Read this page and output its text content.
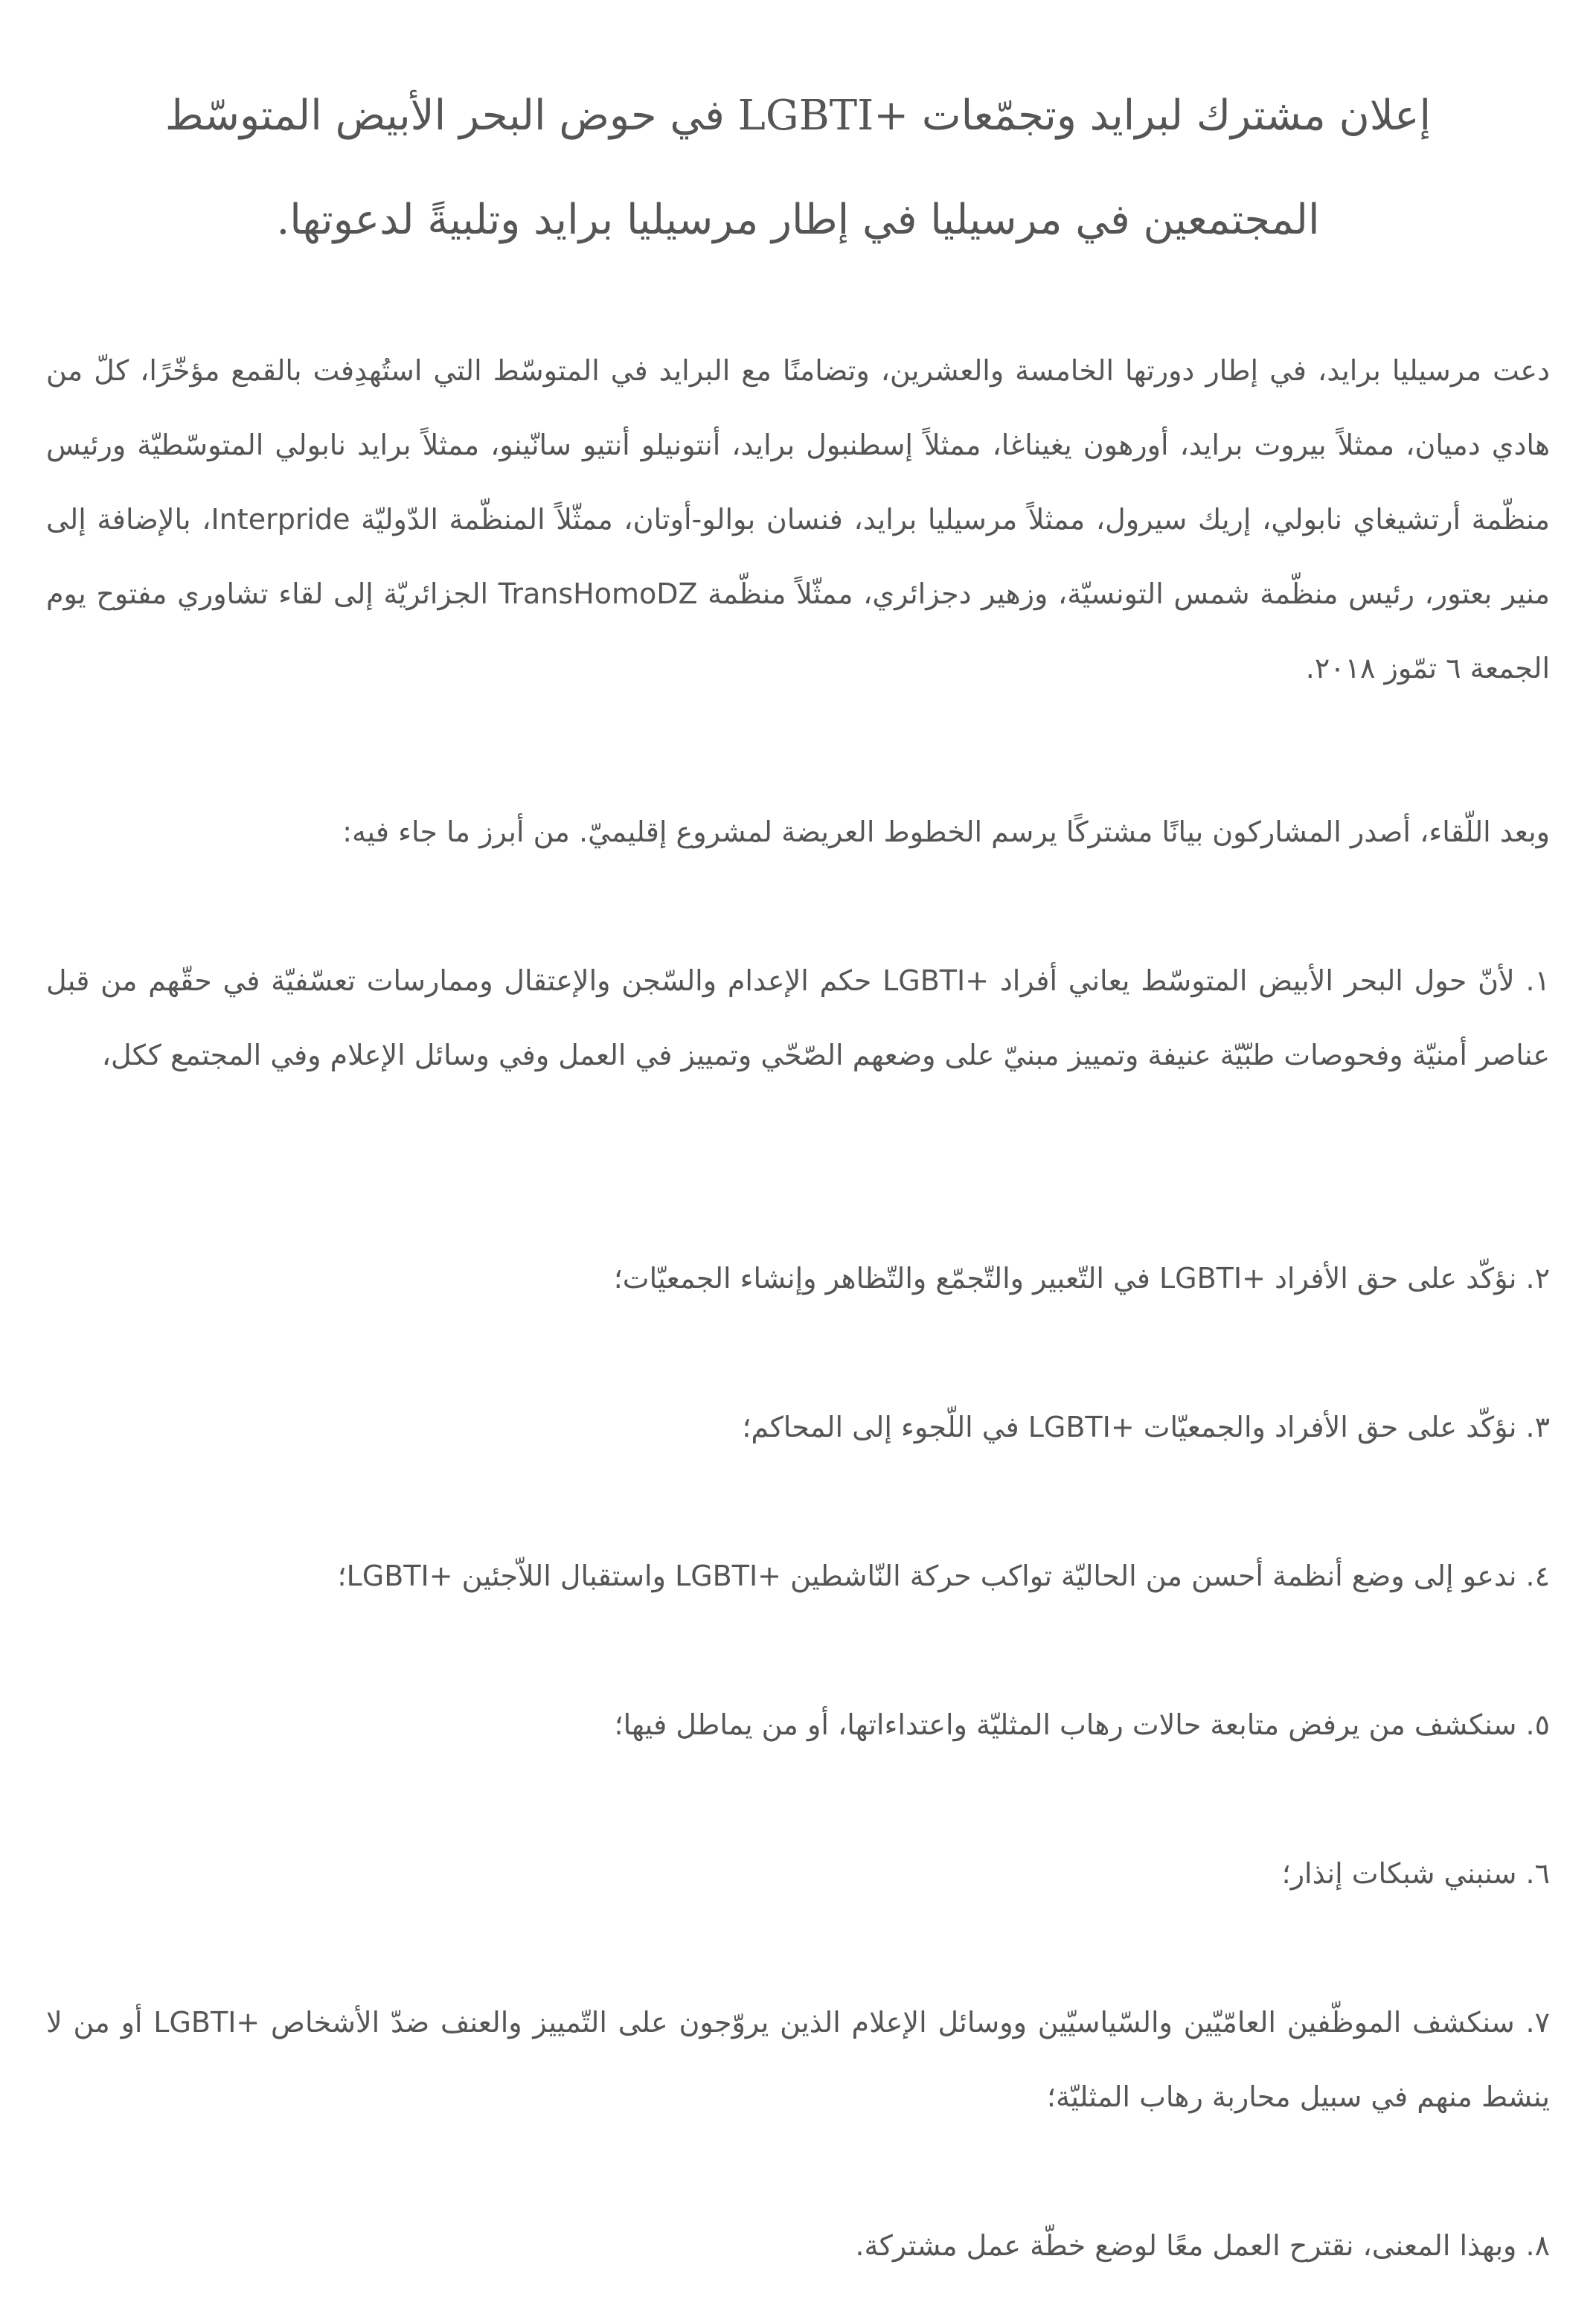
إعلان مشترك لبرايد وتجمّعات +LGBTI في حوض البحر الأبيض المتوسّط المجتمعين في مرسيليا في إطار مرسيليا برايد وتلبيةً لدعوتها.

دعت مرسيليا برايد، في إطار دورتها الخامسة والعشرين، وتضامنًا مع البرايد في المتوسّط التي استُهدِفت بالقمع مؤخّرًا، كلّ من هادي دميان، ممثلاً بيروت برايد، أورهون يغيناغا، ممثلاً إسطنبول برايد، أنتونيلو أنتيو سانّينو، ممثلاً برايد نابولي المتوسّطيّة ورئيس منظّمة أرتشيغاي نابولي، إريك سيرول، ممثلاً مرسيليا برايد، فنسان بوالو-أوتان، ممثّلاً المنظّمة الدّوليّة Interpride، بالإضافة إلى منير بعتور، رئيس منظّمة شمس التونسيّة، وزهير دجزائري، ممثّلاً منظّمة TransHomoDZ الجزائريّة إلى لقاء تشاوري مفتوح يوم الجمعة ٦ تمّوز ٢٠١٨.

وبعد اللّقاء، أصدر المشاركون بيانًا مشتركًا يرسم الخطوط العريضة لمشروع إقليميّ. من أبرز ما جاء فيه:

١. لأنّ حول البحر الأبيض المتوسّط يعاني أفراد +LGBTI حكم الإعدام والسّجن والإعتقال وممارسات تعسّفيّة في حقّهم من قبل عناصر أمنيّة وفحوصات طبّيّة عنيفة وتمييز مبنيّ على وضعهم الصّحّي وتمييز في العمل وفي وسائل الإعلام وفي المجتمع ككل،

٢. نؤكّد على حق الأفراد +LGBTI في التّعبير والتّجمّع والتّظاهر وإنشاء الجمعيّات؛

٣. نؤكّد على حق الأفراد والجمعيّات +LGBTI في اللّجوء إلى المحاكم؛

٤. ندعو إلى وضع أنظمة أحسن من الحاليّة تواكب حركة النّاشطين +LGBTI واستقبال اللاّجئين +LGBTI؛

٥. سنكشف من يرفض متابعة حالات رهاب المثليّة واعتداءاتها، أو من يماطل فيها؛

٦. سنبني شبكات إنذار؛

٧. سنكشف الموظّفين العامّيّين والسّياسيّين ووسائل الإعلام الذين يروّجون على التّمييز والعنف ضدّ الأشخاص +LGBTI أو من لا ينشط منهم في سبيل محاربة رهاب المثليّة؛

٨. وبهذا المعنى، نقترح العمل معًا لوضع خطّة عمل مشتركة.
